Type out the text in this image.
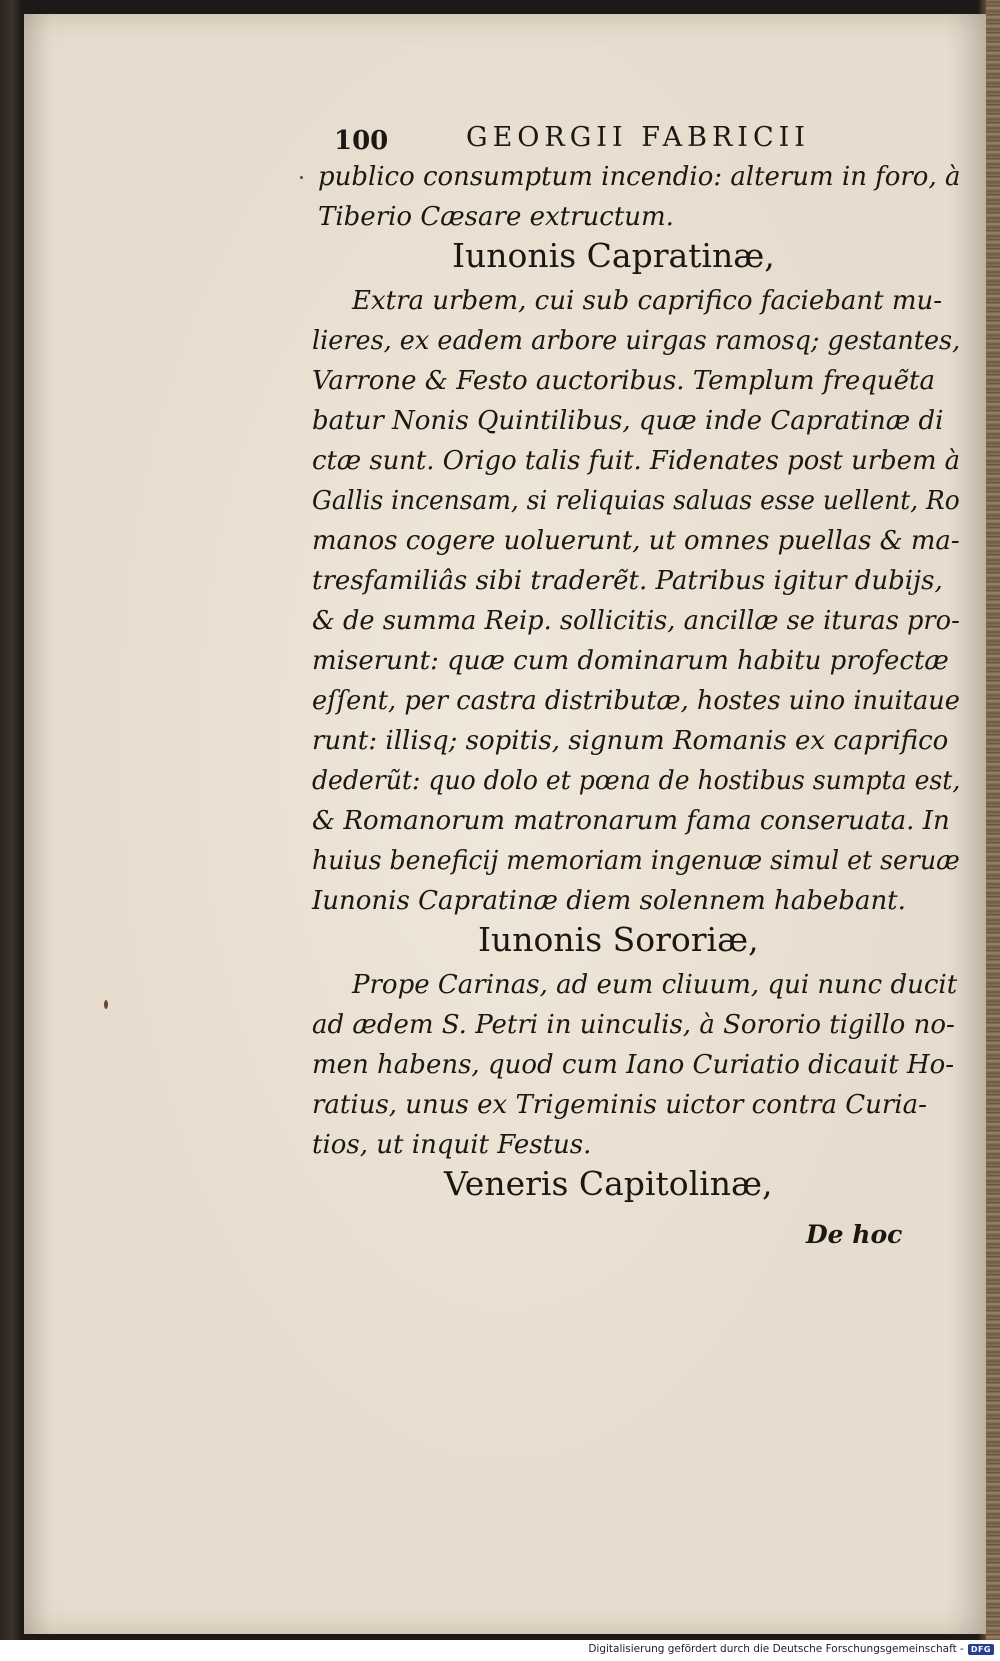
100	GEORGII FABRICII
publico consumptum incendio: alterum in foro, à
Tiberio Cæsare extructum.
Iunonis Capratinæ,
Extra urbem, cui sub caprifico faciebant mu-
lieres, ex eadem arbore uirgas ramosq; gestantes,
Varrone & Festo auctoribus. Templum frequẽta
batur Nonis Quintilibus, quæ inde Capratinæ di
ctæ sunt. Origo talis fuit. Fidenates post urbem à
Gallis incensam, si reliquias saluas esse uellent, Ro
manos cogere uoluerunt, ut omnes puellas & ma-
tresfamiliâs sibi traderẽt. Patribus igitur dubijs,
& de summa Reip. sollicitis, ancillæ se ituras pro-
miserunt: quæ cum dominarum habitu profectæ
eſſent, per castra distributæ, hostes uino inuitaue
runt: illisq; sopitis, signum Romanis ex caprifico
dederũt: quo dolo et pœna de hostibus sumpta est,
& Romanorum matronarum fama conseruata. In
huius beneficij memoriam ingenuæ simul et seruæ
Iunonis Capratinæ diem solennem habebant.
Iunonis Sororiæ,
Prope Carinas, ad eum cliuum, qui nunc ducit
ad ædem S. Petri in uinculis, à Sororio tigillo no-
men habens, quod cum Iano Curiatio dicauit Ho-
ratius, unus ex Trigeminis uictor contra Curia-
tios, ut inquit Festus.
Veneris Capitolinæ,
De hoc
Digitalisierung gefördert durch die Deutsche Forschungsgemeinschaft - DFG
